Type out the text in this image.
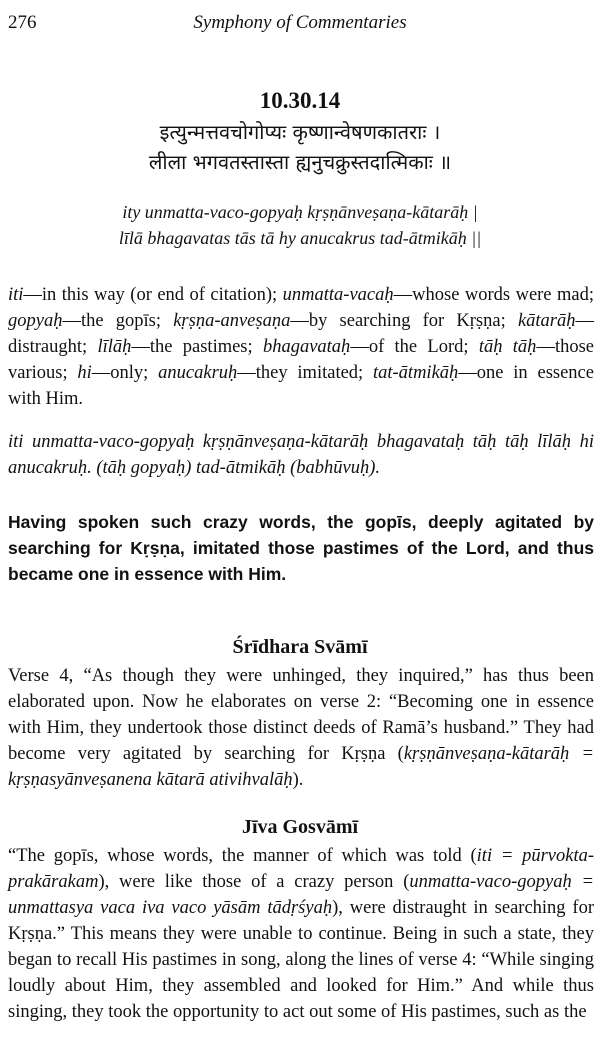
276	Symphony of Commentaries
10.30.14
इत्युन्मत्तवचोगोप्यः कृष्णान्वेषणकातराः ।
लीला भगवतस्तास्ता ह्यनुचक्रुस्तदात्मिकाः ॥
ity unmatta-vaco-gopyaḥ kṛṣṇānveṣaṇa-kātarāḥ |
līlā bhagavatas tās tā hy anucakrus tad-ātmikāḥ ||
iti—in this way (or end of citation); unmatta-vacaḥ—whose words were mad; gopyaḥ—the gopīs; kṛṣṇa-anveṣaṇa—by searching for Kṛṣṇa; kātarāḥ—distraught; līlāḥ—the pastimes; bhagavataḥ—of the Lord; tāḥ tāḥ—those various; hi—only; anucakruḥ—they imitated; tat-ātmikāḥ—one in essence with Him.
iti unmatta-vaco-gopyaḥ kṛṣṇānveṣaṇa-kātarāḥ bhagavataḥ tāḥ tāḥ līlāḥ hi anucakruḥ. (tāḥ gopyaḥ) tad-ātmikāḥ (babhūvuḥ).
Having spoken such crazy words, the gopīs, deeply agitated by searching for Kṛṣṇa, imitated those pastimes of the Lord, and thus became one in essence with Him.
Śrīdhara Svāmī
Verse 4, “As though they were unhinged, they inquired,” has thus been elaborated upon. Now he elaborates on verse 2: “Becoming one in essence with Him, they undertook those distinct deeds of Ramā’s husband.” They had become very agitated by searching for Kṛṣṇa (kṛṣṇānveṣaṇa-kātarāḥ = kṛṣṇasyānveṣanena kātarā ativihvalāḥ).
Jīva Gosvāmī
“The gopīs, whose words, the manner of which was told (iti = pūrvokta-prakārakam), were like those of a crazy person (unmatta-vaco-gopyaḥ = unmattasya vaca iva vaco yāsām tādṛśyaḥ), were distraught in searching for Kṛṣṇa.” This means they were unable to continue. Being in such a state, they began to recall His pastimes in song, along the lines of verse 4: “While singing loudly about Him, they assembled and looked for Him.” And while thus singing, they took the opportunity to act out some of His pastimes, such as the
